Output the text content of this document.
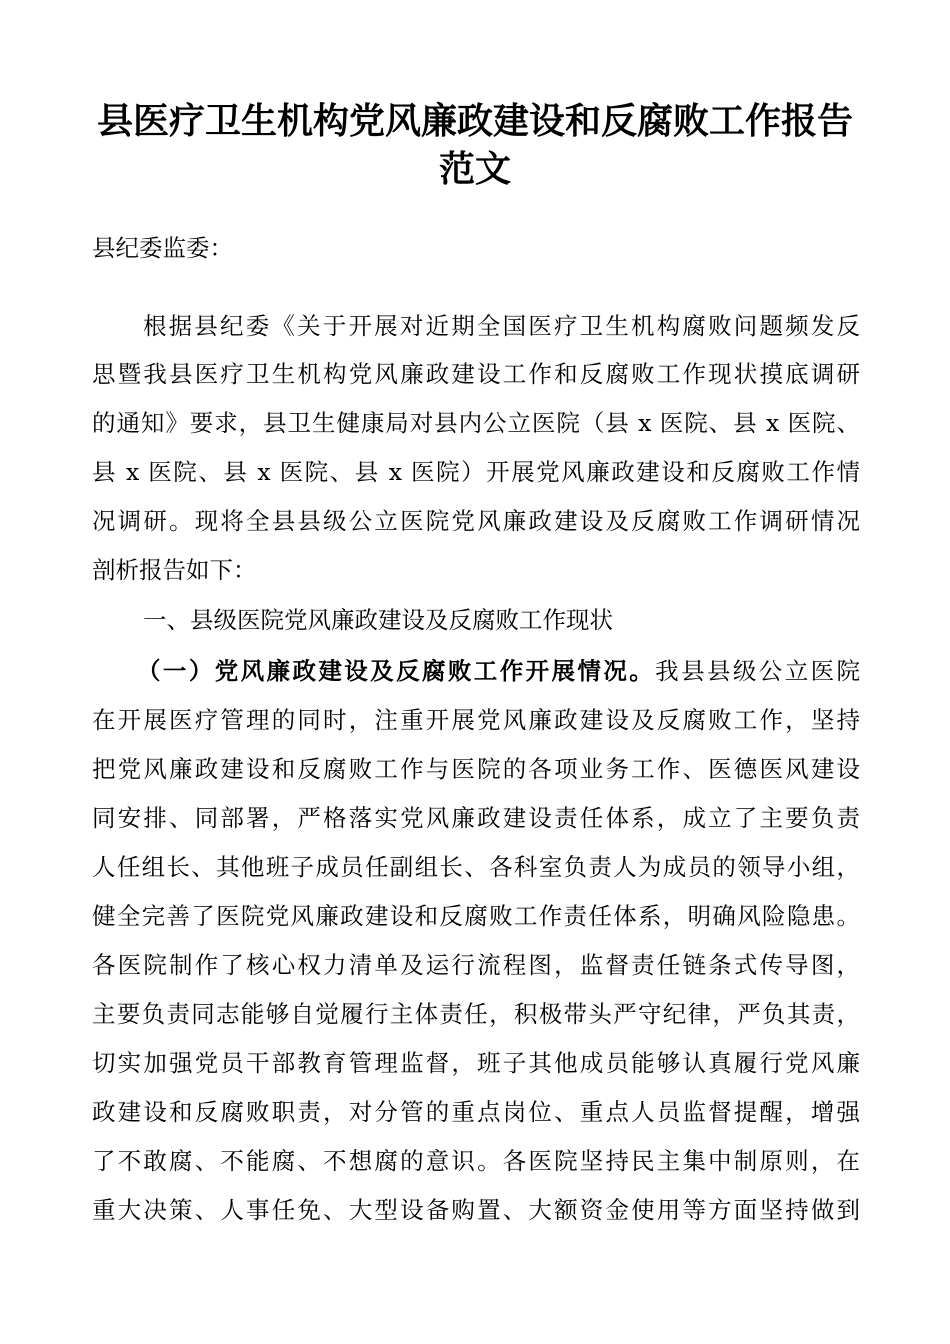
县医疗卫生机构党风廉政建设和反腐败工作报告
范文
县纪委监委：
根据县纪委《关于开展对近期全国医疗卫生机构腐败问题频发反
思暨我县医疗卫生机构党风廉政建设工作和反腐败工作现状摸底调研
的通知》要求，县卫生健康局对县内公立医院（县 x 医院、县 x 医院、
县 x 医院、县 x 医院、县 x 医院）开展党风廉政建设和反腐败工作情
况调研。现将全县县级公立医院党风廉政建设及反腐败工作调研情况
剖析报告如下：
一、县级医院党风廉政建设及反腐败工作现状
（一）党风廉政建设及反腐败工作开展情况。我县县级公立医院
在开展医疗管理的同时，注重开展党风廉政建设及反腐败工作，坚持
把党风廉政建设和反腐败工作与医院的各项业务工作、医德医风建设
同安排、同部署，严格落实党风廉政建设责任体系，成立了主要负责
人任组长、其他班子成员任副组长、各科室负责人为成员的领导小组，
健全完善了医院党风廉政建设和反腐败工作责任体系，明确风险隐患。
各医院制作了核心权力清单及运行流程图，监督责任链条式传导图，
主要负责同志能够自觉履行主体责任，积极带头严守纪律，严负其责，
切实加强党员干部教育管理监督，班子其他成员能够认真履行党风廉
政建设和反腐败职责，对分管的重点岗位、重点人员监督提醒，增强
了不敢腐、不能腐、不想腐的意识。各医院坚持民主集中制原则，在
重大决策、人事任免、大型设备购置、大额资金使用等方面坚持做到
